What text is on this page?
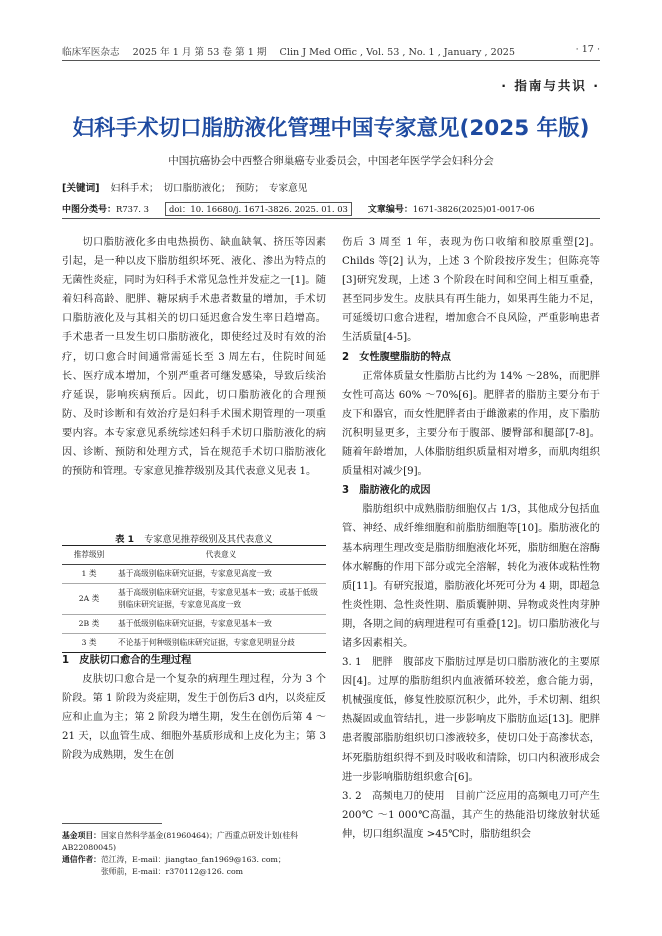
临床军医杂志 2025 年 1 月 第 53 卷 第 1 期 Clin J Med Offic , Vol. 53 , No. 1 , January , 2025	· 17 ·
· 指南与共识 ·
妇科手术切口脂肪液化管理中国专家意见(2025 年版)
中国抗癌协会中西整合卵巢癌专业委员会，中国老年医学学会妇科分会
[关键词] 妇科手术；　切口脂肪液化；　预防；　专家意见
中图分类号：R737. 3	doi：10. 16680/j. 1671-3826. 2025. 01. 03	文章编号：1671-3826(2025)01-0017-06

切口脂肪液化多由电热损伤、缺血缺氧、挤压等因素引起，是一种以皮下脂肪组织坏死、液化、渗出为特点的无菌性炎症，同时为妇科手术常见急性并发症之一[1]。随着妇科高龄、肥胖、糖尿病手术患者数量的增加，手术切口脂肪液化及与其相关的切口延迟愈合发生率日趋增高。手术患者一旦发生切口脂肪液化，即使经过及时有效的治疗，切口愈合时间通常需延长至 3 周左右，住院时间延长、医疗成本增加，个别严重者可继发感染，导致后续治疗延误，影响疾病预后。因此，切口脂肪液化的合理预防、及时诊断和有效治疗是妇科手术围术期管理的一项重要内容。本专家意见系统综述妇科手术切口脂肪液化的病因、诊断、预防和处理方式，旨在规范手术切口脂肪液化的预防和管理。专家意见推荐级别及其代表意义见表 1。

表 1 专家意见推荐级别及其代表意义
推荐级别	代表意义
1 类	基于高级别临床研究证据，专家意见高度一致
2A 类	基于高级别临床研究证据，专家意见基本一致；或基于低级别临床研究证据，专家意见高度一致
2B 类	基于低级别临床研究证据，专家意见基本一致
3 类	不论基于何种级别临床研究证据，专家意见明显分歧

1　皮肤切口愈合的生理过程

皮肤切口愈合是一个复杂的病理生理过程，分为 3 个阶段。第 1 阶段为炎症期，发生于创伤后3 d内，以炎症反应和止血为主；第 2 阶段为增生期，发生在创伤后第 4 ～ 21 天，以血管生成、细胞外基质形成和上皮化为主；第 3 阶段为成熟期，发生在创

基金项目：国家自然科学基金(81960464)；广西重点研发计划(桂科 AB22080045)
通信作者：范江涛，E-mail：jiangtao_fan1969@163. com；
张师前，E-mail：r370112@126. com

伤后 3 周至 1 年，表现为伤口收缩和胶原重塑[2]。Childs 等[2] 认为，上述 3 个阶段按序发生；但陈亮等[3]研究发现，上述 3 个阶段在时间和空间上相互重叠，甚至同步发生。皮肤具有再生能力，如果再生能力不足，可延缓切口愈合进程，增加愈合不良风险，严重影响患者生活质量[4-5]。

2　女性腹壁脂肪的特点

正常体质量女性脂肪占比约为 14% ～28%，而肥胖女性可高达 60% ～70%[6]。肥胖者的脂肪主要分布于皮下和器官，而女性肥胖者由于雌激素的作用，皮下脂肪沉积明显更多，主要分布于腹部、腰臀部和腿部[7-8]。随着年龄增加，人体脂肪组织质量相对增多，而肌肉组织质量相对减少[9]。

3　脂肪液化的成因

脂肪组织中成熟脂肪细胞仅占 1/3，其他成分包括血管、神经、成纤维细胞和前脂肪细胞等[10]。脂肪液化的基本病理生理改变是脂肪细胞液化坏死，脂肪细胞在溶酶体水解酶的作用下部分或完全溶解，转化为液体或粘性物质[11]。有研究报道，脂肪液化坏死可分为 4 期，即超急性炎性期、急性炎性期、脂质囊肿期、异物或炎性肉芽肿期，各期之间的病理进程可有重叠[12]。切口脂肪液化与诸多因素相关。

3. 1　肥胖　腹部皮下脂肪过厚是切口脂肪液化的主要原因[4]。过厚的脂肪组织内血液循环较差，愈合能力弱，机械强度低，修复性胶原沉积少，此外，手术切割、组织热凝固或血管结扎，进一步影响皮下脂肪血运[13]。肥胖患者腹部脂肪组织切口渗液较多，使切口处于高渗状态，坏死脂肪组织得不到及时吸收和清除，切口内积液形成会进一步影响脂肪组织愈合[6]。

3. 2　高频电刀的使用　目前广泛应用的高频电刀可产生 200℃ ～1 000℃高温，其产生的热能沿切缘放射状延伸，切口组织温度 >45℃时，脂肪组织会
